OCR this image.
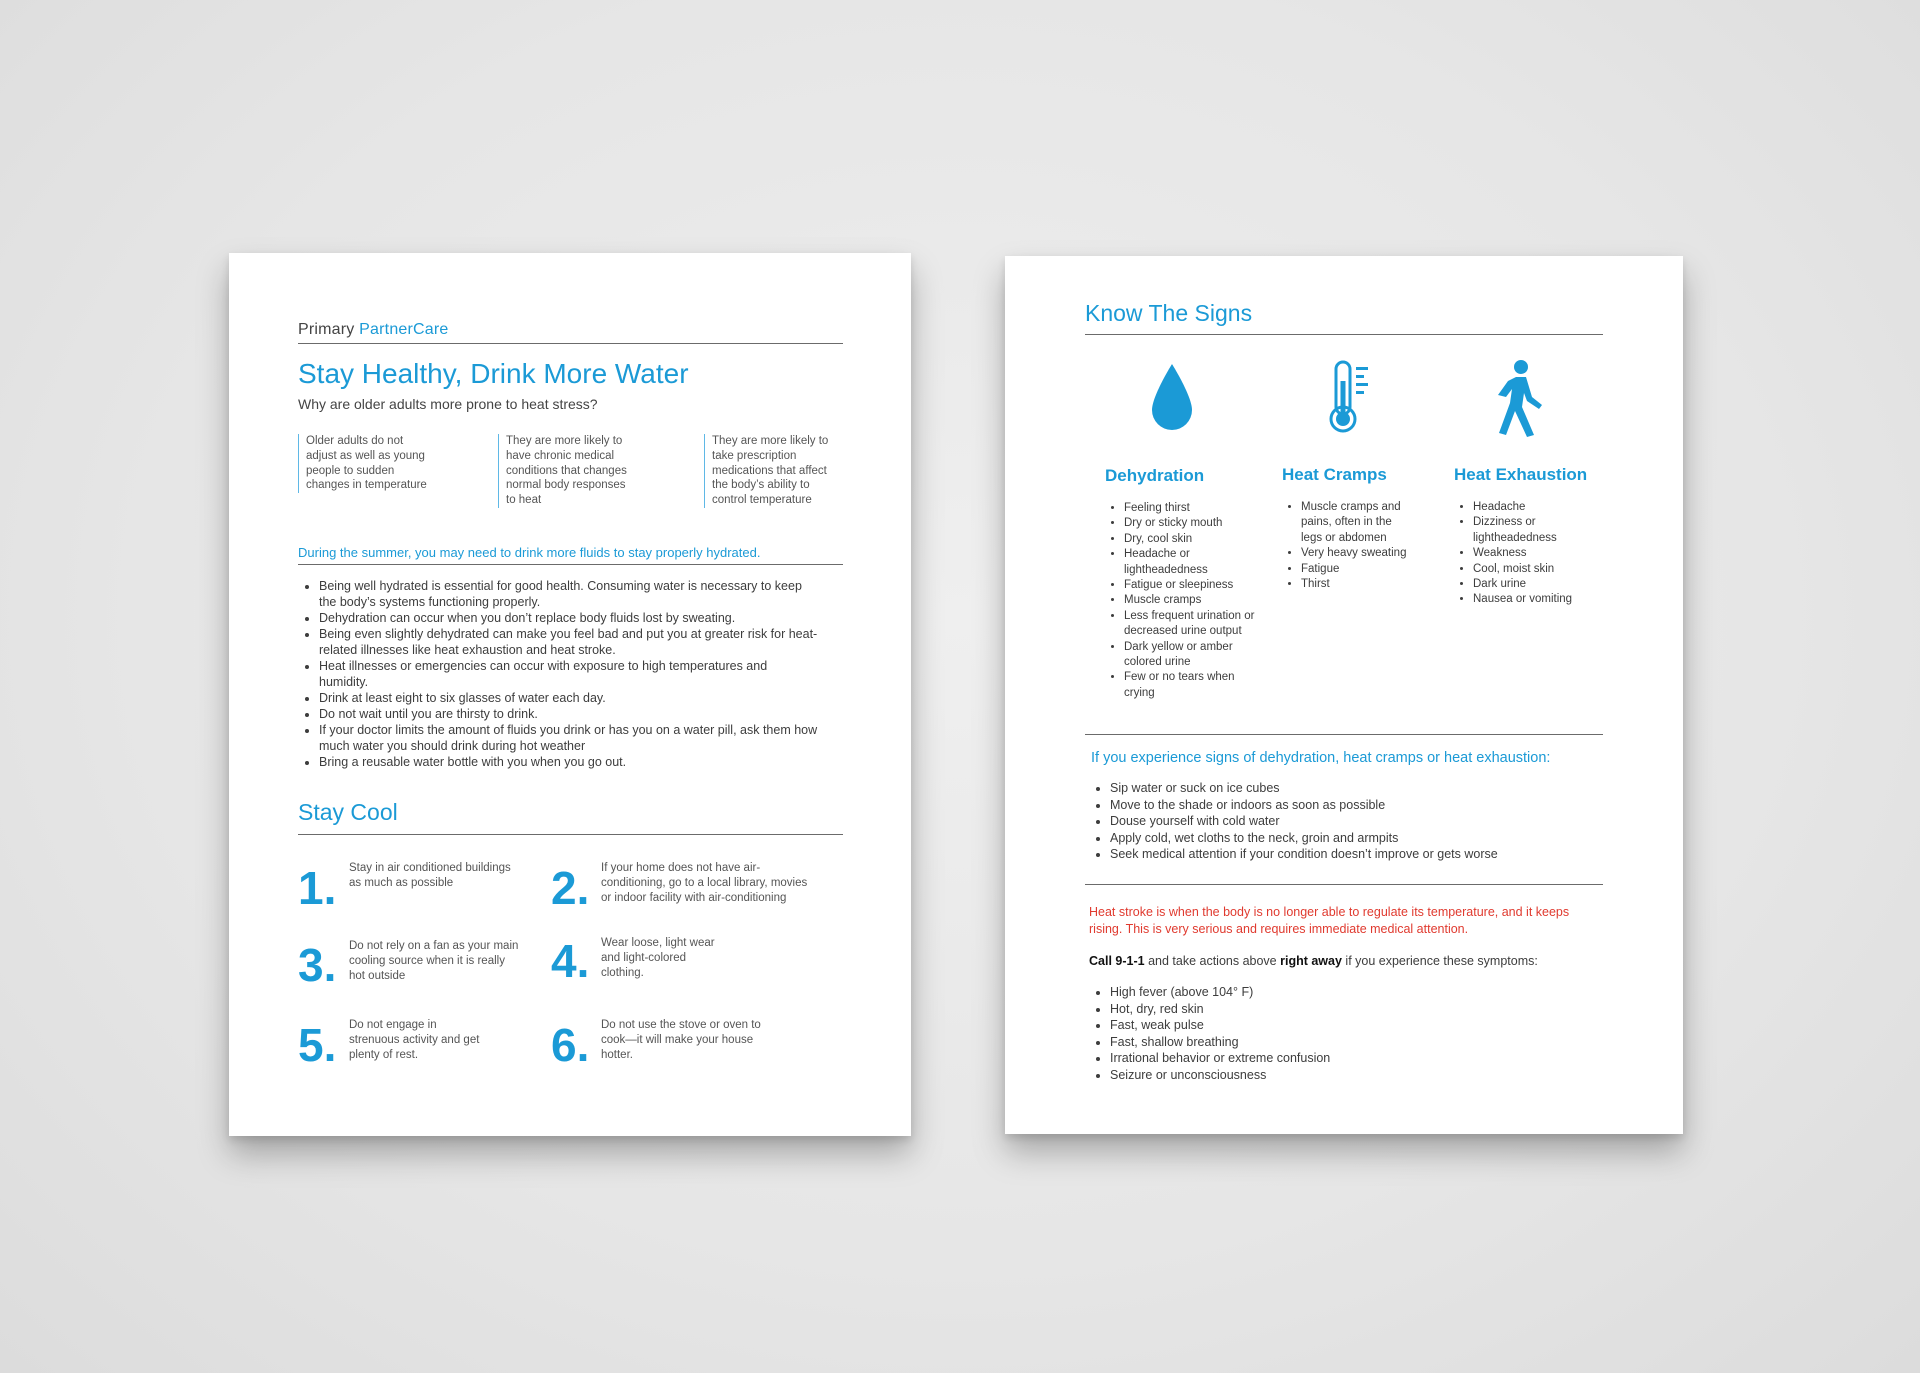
Primary PartnerCare
Stay Healthy, Drink More Water
Why are older adults more prone to heat stress?
Older adults do not adjust as well as young people to sudden changes in temperature
They are more likely to have chronic medical conditions that changes normal body responses to heat
They are more likely to take prescription medications that affect the body’s ability to control temperature
During the summer, you may need to drink more fluids to stay properly hydrated.
• Being well hydrated is essential for good health. Consuming water is necessary to keep the body’s systems functioning properly.
• Dehydration can occur when you don’t replace body fluids lost by sweating.
• Being even slightly dehydrated can make you feel bad and put you at greater risk for heat-related illnesses like heat exhaustion and heat stroke.
• Heat illnesses or emergencies can occur with exposure to high temperatures and humidity.
• Drink at least eight to six glasses of water each day.
• Do not wait until you are thirsty to drink.
• If your doctor limits the amount of fluids you drink or has you on a water pill, ask them how much water you should drink during hot weather
• Bring a reusable water bottle with you when you go out.
Stay Cool
1. Stay in air conditioned buildings as much as possible	2. If your home does not have air-conditioning, go to a local library, movies or indoor facility with air-conditioning
3. Do not rely on a fan as your main cooling source when it is really hot outside	4. Wear loose, light wear and light-colored clothing.
5. Do not engage in strenuous activity and get plenty of rest.	6. Do not use the stove or oven to cook—it will make your house hotter.
Know The Signs
Dehydration
• Feeling thirst
• Dry or sticky mouth
• Dry, cool skin
• Headache or lightheadedness
• Fatigue or sleepiness
• Muscle cramps
• Less frequent urination or decreased urine output
• Dark yellow or amber colored urine
• Few or no tears when crying
Heat Cramps
• Muscle cramps and pains, often in the legs or abdomen
• Very heavy sweating
• Fatigue
• Thirst
Heat Exhaustion
• Headache
• Dizziness or lightheadedness
• Weakness
• Cool, moist skin
• Dark urine
• Nausea or vomiting
If you experience signs of dehydration, heat cramps or heat exhaustion:
• Sip water or suck on ice cubes
• Move to the shade or indoors as soon as possible
• Douse yourself with cold water
• Apply cold, wet cloths to the neck, groin and armpits
• Seek medical attention if your condition doesn’t improve or gets worse
Heat stroke is when the body is no longer able to regulate its temperature, and it keeps rising. This is very serious and requires immediate medical attention.
Call 9-1-1 and take actions above right away if you experience these symptoms:
• High fever (above 104° F)
• Hot, dry, red skin
• Fast, weak pulse
• Fast, shallow breathing
• Irrational behavior or extreme confusion
• Seizure or unconsciousness
